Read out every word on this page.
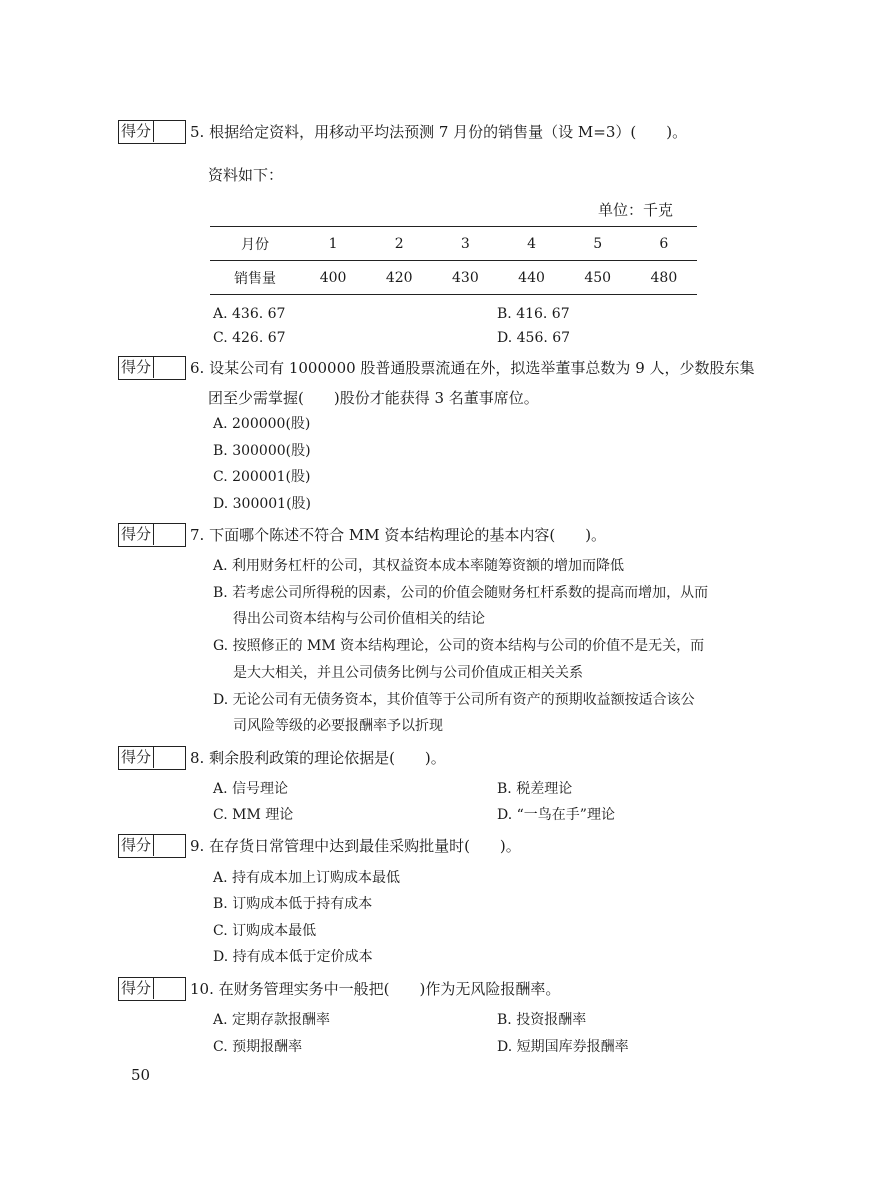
得分	5. 根据给定资料，用移动平均法预测 7 月份的销售量（设 M=3）(　　)。
资料如下：
单位：千克
月份	1	2	3	4	5	6
销售量	400	420	430	440	450	480
A. 436. 67	B. 416. 67
C. 426. 67	D. 456. 67
得分	6. 设某公司有 1000000 股普通股票流通在外，拟选举董事总数为 9 人，少数股东集
团至少需掌握(　　)股份才能获得 3 名董事席位。
A. 200000(股)
B. 300000(股)
C. 200001(股)
D. 300001(股)
得分	7. 下面哪个陈述不符合 MM 资本结构理论的基本内容(　　)。
A. 利用财务杠杆的公司，其权益资本成本率随筹资额的增加而降低
B. 若考虑公司所得税的因素，公司的价值会随财务杠杆系数的提高而增加，从而
得出公司资本结构与公司价值相关的结论
G. 按照修正的 MM 资本结构理论，公司的资本结构与公司的价值不是无关，而
是大大相关，并且公司债务比例与公司价值成正相关关系
D. 无论公司有无债务资本，其价值等于公司所有资产的预期收益额按适合该公
司风险等级的必要报酬率予以折现
得分	8. 剩余股利政策的理论依据是(　　)。
A. 信号理论	B. 税差理论
C. MM 理论	D. “一鸟在手”理论
得分	9. 在存货日常管理中达到最佳采购批量时(　　)。
A. 持有成本加上订购成本最低
B. 订购成本低于持有成本
C. 订购成本最低
D. 持有成本低于定价成本
得分	10. 在财务管理实务中一般把(　　)作为无风险报酬率。
A. 定期存款报酬率	B. 投资报酬率
C. 预期报酬率	D. 短期国库券报酬率
50
